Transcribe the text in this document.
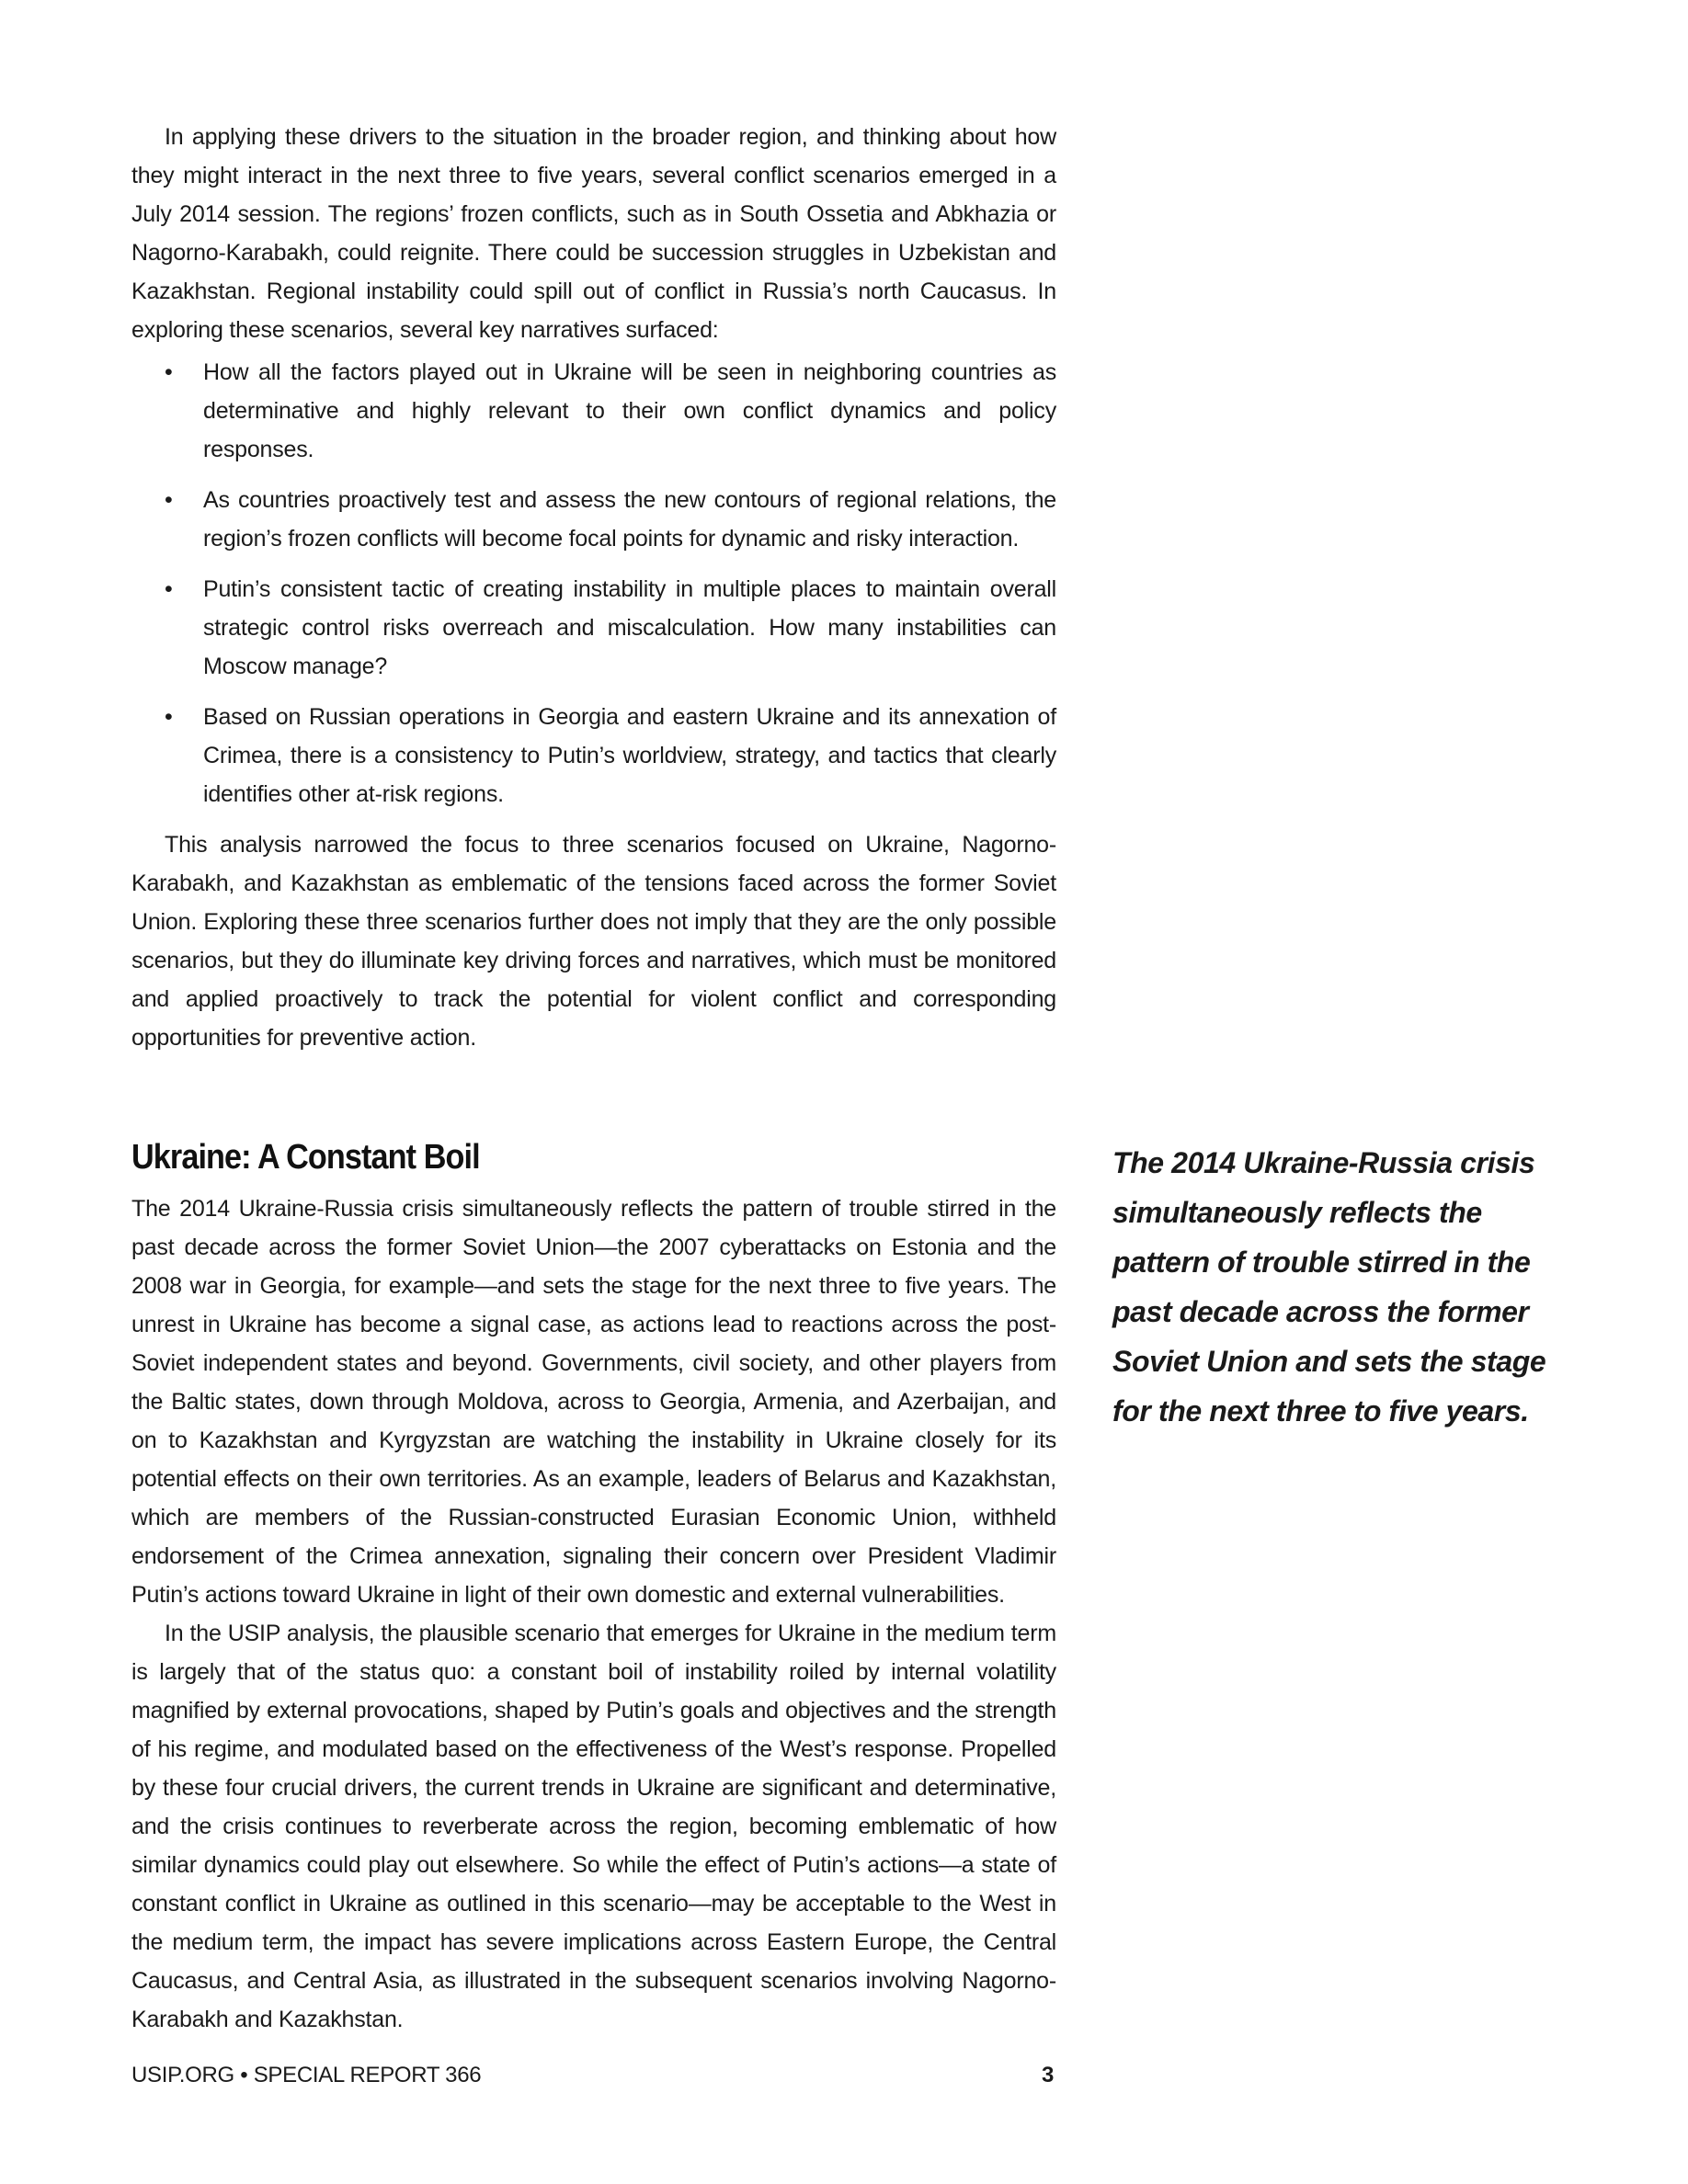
In applying these drivers to the situation in the broader region, and thinking about how they might interact in the next three to five years, several conflict scenarios emerged in a July 2014 session. The regions’ frozen conflicts, such as in South Ossetia and Abkhazia or Nagorno-Karabakh, could reignite. There could be succession struggles in Uzbekistan and Kazakhstan. Regional instability could spill out of conflict in Russia’s north Caucasus. In exploring these scenarios, several key narratives surfaced:

• How all the factors played out in Ukraine will be seen in neighboring countries as determinative and highly relevant to their own conflict dynamics and policy responses.
• As countries proactively test and assess the new contours of regional relations, the region’s frozen conflicts will become focal points for dynamic and risky interaction.
• Putin’s consistent tactic of creating instability in multiple places to maintain overall strategic control risks overreach and miscalculation. How many instabilities can Moscow manage?
• Based on Russian operations in Georgia and eastern Ukraine and its annexation of Crimea, there is a consistency to Putin’s worldview, strategy, and tactics that clearly identifies other at-risk regions.

This analysis narrowed the focus to three scenarios focused on Ukraine, Nagorno-Karabakh, and Kazakhstan as emblematic of the tensions faced across the former Soviet Union. Exploring these three scenarios further does not imply that they are the only possible scenarios, but they do illuminate key driving forces and narratives, which must be monitored and applied proactively to track the potential for violent conflict and corresponding opportunities for preventive action.

Ukraine: A Constant Boil

The 2014 Ukraine-Russia crisis simultaneously reflects the pattern of trouble stirred in the past decade across the former Soviet Union—the 2007 cyberattacks on Estonia and the 2008 war in Georgia, for example—and sets the stage for the next three to five years. The unrest in Ukraine has become a signal case, as actions lead to reactions across the post-Soviet independent states and beyond. Governments, civil society, and other players from the Baltic states, down through Moldova, across to Georgia, Armenia, and Azerbaijan, and on to Kazakhstan and Kyrgyzstan are watching the instability in Ukraine closely for its potential effects on their own territories. As an example, leaders of Belarus and Kazakhstan, which are members of the Russian-constructed Eurasian Economic Union, withheld endorsement of the Crimea annexation, signaling their concern over President Vladimir Putin’s actions toward Ukraine in light of their own domestic and external vulnerabilities.

In the USIP analysis, the plausible scenario that emerges for Ukraine in the medium term is largely that of the status quo: a constant boil of instability roiled by internal volatility magnified by external provocations, shaped by Putin’s goals and objectives and the strength of his regime, and modulated based on the effectiveness of the West’s response. Propelled by these four crucial drivers, the current trends in Ukraine are significant and determinative, and the crisis continues to reverberate across the region, becoming emblematic of how similar dynamics could play out elsewhere. So while the effect of Putin’s actions—a state of constant conflict in Ukraine as outlined in this scenario—may be acceptable to the West in the medium term, the impact has severe implications across Eastern Europe, the Central Caucasus, and Central Asia, as illustrated in the subsequent scenarios involving Nagorno-Karabakh and Kazakhstan.

The 2014 Ukraine-Russia crisis simultaneously reflects the pattern of trouble stirred in the past decade across the former Soviet Union and sets the stage for the next three to five years.

USIP.ORG • SPECIAL REPORT 366	3
